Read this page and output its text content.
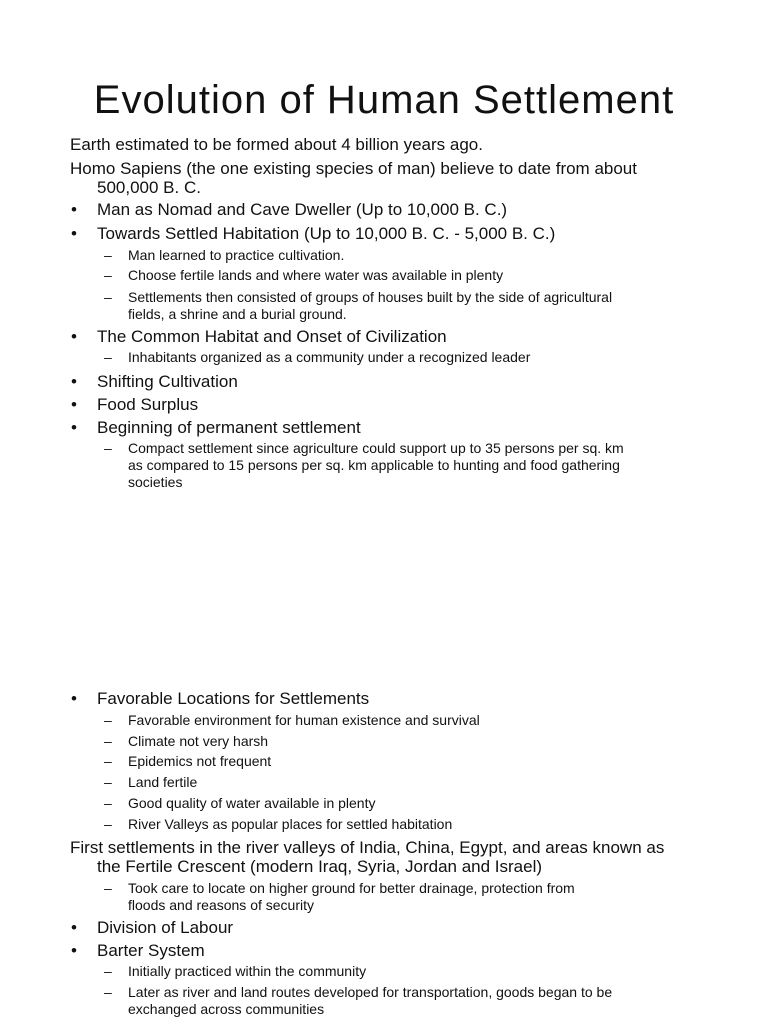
Evolution of Human Settlement
Earth estimated to be formed about 4 billion years ago.
Homo Sapiens (the one existing species of man) believe to date from about
500,000 B. C.
• Man as Nomad and Cave Dweller (Up to 10,000 B. C.)
• Towards Settled Habitation (Up to 10,000 B. C. - 5,000 B. C.)
– Man learned to practice cultivation.
– Choose fertile lands and where water was available in plenty
– Settlements then consisted of groups of houses built by the side of agricultural
fields, a shrine and a burial ground.
• The Common Habitat and Onset of Civilization
– Inhabitants organized as a community under a recognized leader
• Shifting Cultivation
• Food Surplus
• Beginning of permanent settlement
– Compact settlement since agriculture could support up to 35 persons per sq. km
as compared to 15 persons per sq. km applicable to hunting and food gathering
societies
• Favorable Locations for Settlements
– Favorable environment for human existence and survival
– Climate not very harsh
– Epidemics not frequent
– Land fertile
– Good quality of water available in plenty
– River Valleys as popular places for settled habitation
First settlements in the river valleys of India, China, Egypt, and areas known as
the Fertile Crescent (modern Iraq, Syria, Jordan and Israel)
– Took care to locate on higher ground for better drainage, protection from
floods and reasons of security
• Division of Labour
• Barter System
– Initially practiced within the community
– Later as river and land routes developed for transportation, goods began to be
exchanged across communities
